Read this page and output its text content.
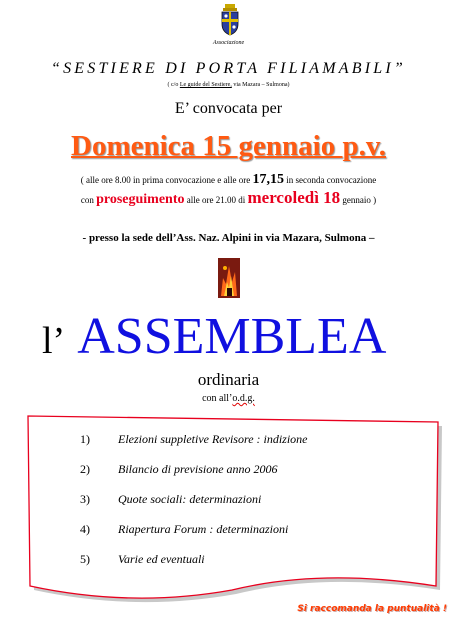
Associazione
“SESTIERE DI PORTA FILIAMABILI”
( c/o Le guide del Sestiere, via Mazara – Sulmona)
E’ convocata per
Domenica 15 gennaio p.v.
( alle ore 8.00 in prima convocazione e alle ore 17,15 in seconda convocazione
con proseguimento alle ore 21.00 di mercoledì 18 gennaio )
- presso la sede dell’Ass. Naz. Alpini in via Mazara, Sulmona –
l’ ASSEMBLEA
ordinaria
con all’o.d.g.
1) Elezioni suppletive Revisore : indizione
2) Bilancio di previsione anno 2006
3) Quote sociali: determinazioni
4) Riapertura Forum : determinazioni
5) Varie ed eventuali
Si raccomanda la puntualità !
